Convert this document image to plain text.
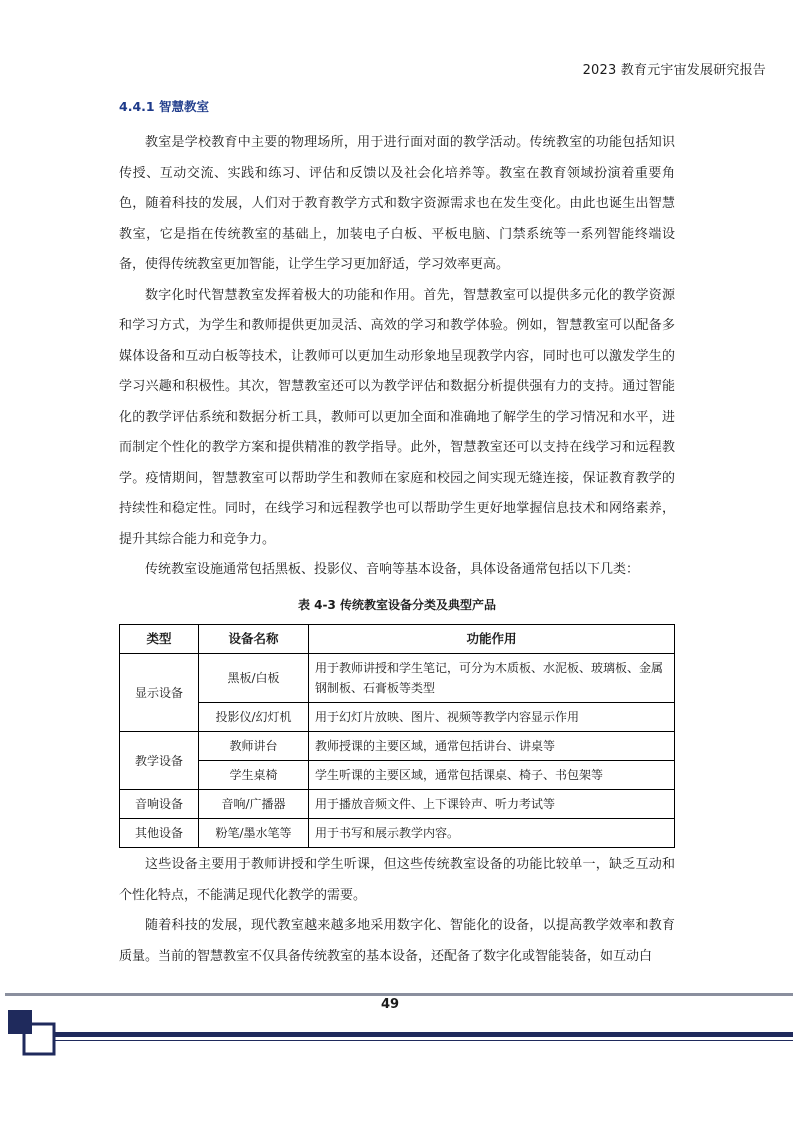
2023 教育元宇宙发展研究报告
4.4.1 智慧教室

教室是学校教育中主要的物理场所，用于进行面对面的教学活动。传统教室的功能包括知识传授、互动交流、实践和练习、评估和反馈以及社会化培养等。教室在教育领域扮演着重要角色，随着科技的发展，人们对于教育教学方式和数字资源需求也在发生变化。由此也诞生出智慧教室，它是指在传统教室的基础上，加装电子白板、平板电脑、门禁系统等一系列智能终端设备，使得传统教室更加智能，让学生学习更加舒适，学习效率更高。

数字化时代智慧教室发挥着极大的功能和作用。首先，智慧教室可以提供多元化的教学资源和学习方式，为学生和教师提供更加灵活、高效的学习和教学体验。例如，智慧教室可以配备多媒体设备和互动白板等技术，让教师可以更加生动形象地呈现教学内容，同时也可以激发学生的学习兴趣和积极性。其次，智慧教室还可以为教学评估和数据分析提供强有力的支持。通过智能化的教学评估系统和数据分析工具，教师可以更加全面和准确地了解学生的学习情况和水平，进而制定个性化的教学方案和提供精准的教学指导。此外，智慧教室还可以支持在线学习和远程教学。疫情期间，智慧教室可以帮助学生和教师在家庭和校园之间实现无缝连接，保证教育教学的持续性和稳定性。同时，在线学习和远程教学也可以帮助学生更好地掌握信息技术和网络素养，提升其综合能力和竞争力。

传统教室设施通常包括黑板、投影仪、音响等基本设备，具体设备通常包括以下几类：

表 4-3 传统教室设备分类及典型产品
类型	设备名称	功能作用
显示设备	黑板/白板	用于教师讲授和学生笔记，可分为木质板、水泥板、玻璃板、金属钢制板、石膏板等类型
	投影仪/幻灯机	用于幻灯片放映、图片、视频等教学内容显示作用
教学设备	教师讲台	教师授课的主要区域，通常包括讲台、讲桌等
	学生桌椅	学生听课的主要区域，通常包括课桌、椅子、书包架等
音响设备	音响/广播器	用于播放音频文件、上下课铃声、听力考试等
其他设备	粉笔/墨水笔等	用于书写和展示教学内容。

这些设备主要用于教师讲授和学生听课，但这些传统教室设备的功能比较单一，缺乏互动和个性化特点，不能满足现代化教学的需要。

随着科技的发展，现代教室越来越多地采用数字化、智能化的设备，以提高教学效率和教育质量。当前的智慧教室不仅具备传统教室的基本设备，还配备了数字化或智能装备，如互动白

49
